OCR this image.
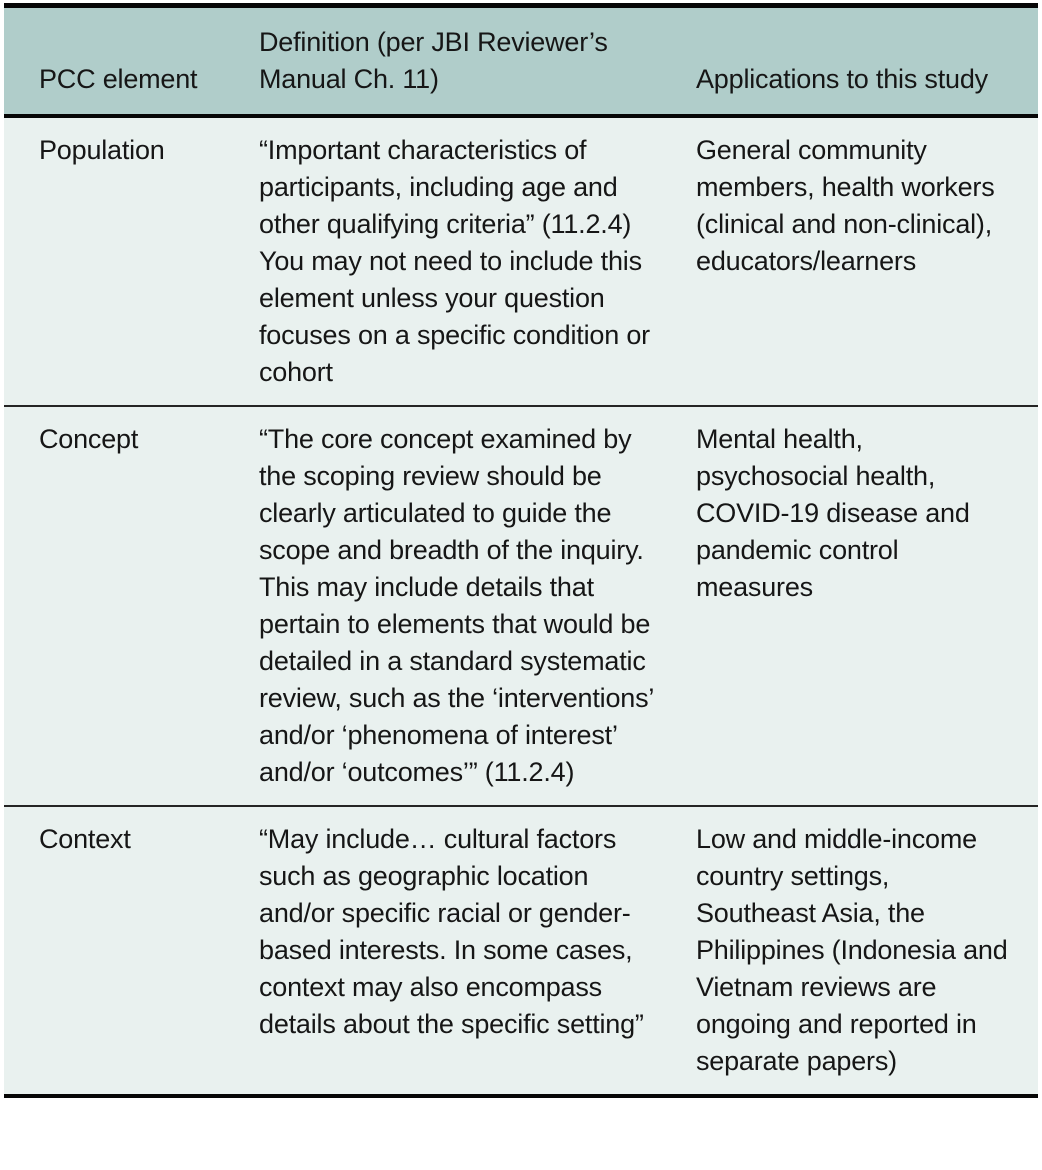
PCC element	Definition (per JBI Reviewer’s Manual Ch. 11)	Applications to this study
Population	“Important characteristics of participants, including age and other qualifying criteria” (11.2.4) You may not need to include this element unless your question focuses on a specific condition or cohort	General community members, health workers (clinical and non-clinical), educators/​learners
Concept	“The core concept examined by the scoping review should be clearly articulated to guide the scope and breadth of the inquiry. This may include details that pertain to elements that would be detailed in a standard systematic review, such as the ‘interventions’ and/or ‘phenomena of interest’ and/or ‘outcomes’” (11.2.4)	Mental health, psychosocial health, COVID-19 disease and pandemic control measures
Context	“May include… cultural factors such as geographic location and/or specific racial or gender-based interests. In some cases, context may also encompass details about the specific setting”	Low and middle-income country settings, Southeast Asia, the Philippines (Indonesia and Vietnam reviews are ongoing and reported in separate papers)
